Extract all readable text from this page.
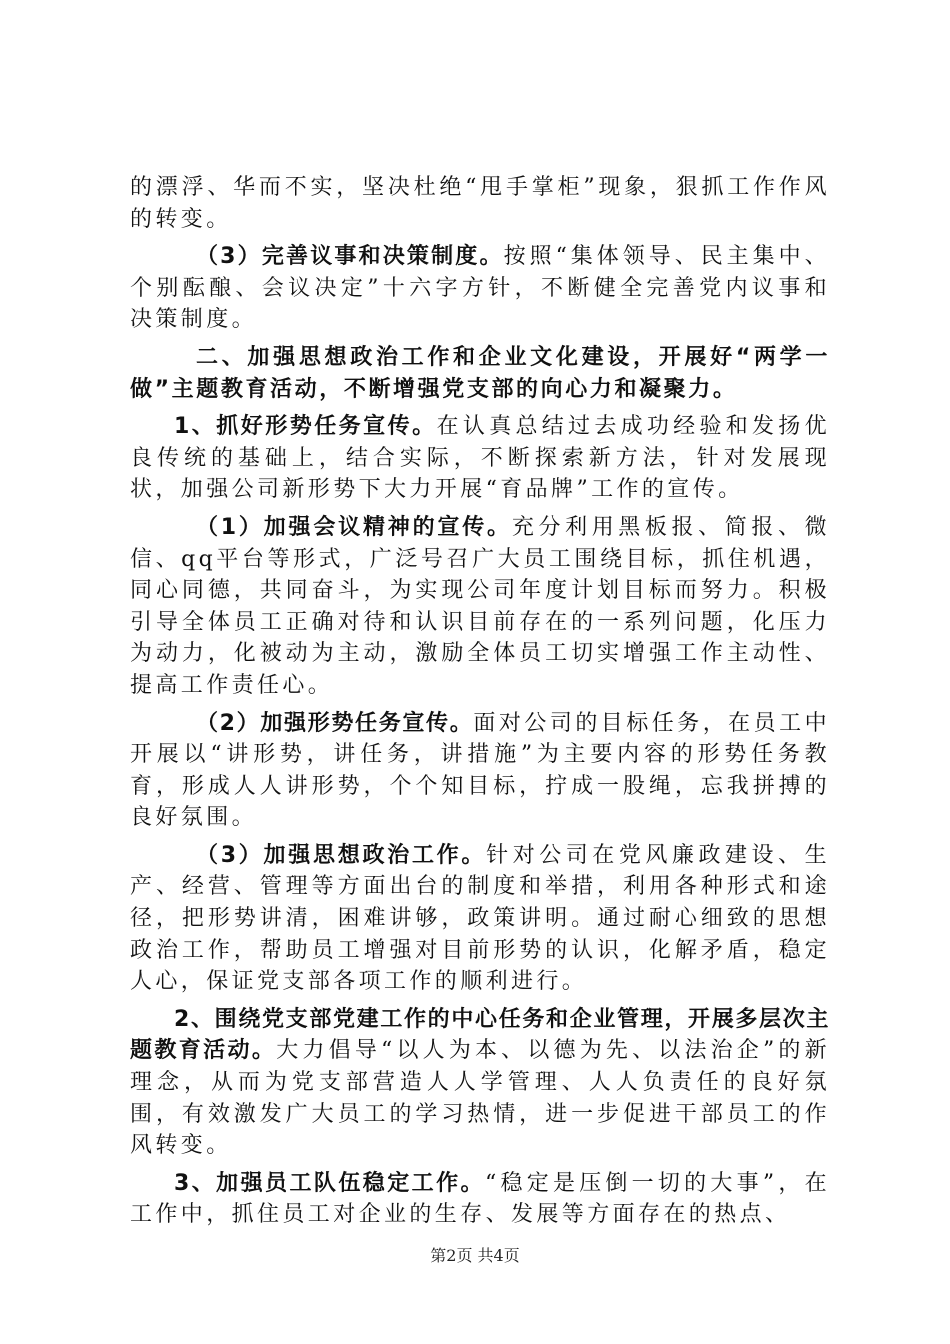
的漂浮、华而不实，坚决杜绝“甩手掌柜”现象，狠抓工作作风的转变。

（3）完善议事和决策制度。按照“集体领导、民主集中、个别酝酿、会议决定”十六字方针，不断健全完善党内议事和决策制度。

二、加强思想政治工作和企业文化建设，开展好“两学一做”主题教育活动，不断增强党支部的向心力和凝聚力。

1、抓好形势任务宣传。在认真总结过去成功经验和发扬优良传统的基础上，结合实际，不断探索新方法，针对发展现状，加强公司新形势下大力开展“育品牌”工作的宣传。

（1）加强会议精神的宣传。充分利用黑板报、简报、微信、qq平台等形式，广泛号召广大员工围绕目标，抓住机遇，同心同德，共同奋斗，为实现公司年度计划目标而努力。积极引导全体员工正确对待和认识目前存在的一系列问题，化压力为动力，化被动为主动，激励全体员工切实增强工作主动性、提高工作责任心。

（2）加强形势任务宣传。面对公司的目标任务，在员工中开展以“讲形势，讲任务，讲措施”为主要内容的形势任务教育，形成人人讲形势，个个知目标，拧成一股绳，忘我拼搏的良好氛围。

（3）加强思想政治工作。针对公司在党风廉政建设、生产、经营、管理等方面出台的制度和举措，利用各种形式和途径，把形势讲清，困难讲够，政策讲明。通过耐心细致的思想政治工作，帮助员工增强对目前形势的认识，化解矛盾，稳定人心，保证党支部各项工作的顺利进行。

2、围绕党支部党建工作的中心任务和企业管理，开展多层次主题教育活动。大力倡导“以人为本、以德为先、以法治企”的新理念，从而为党支部营造人人学管理、人人负责任的良好氛围，有效激发广大员工的学习热情，进一步促进干部员工的作风转变。

3、加强员工队伍稳定工作。“稳定是压倒一切的大事”，在工作中，抓住员工对企业的生存、发展等方面存在的热点、

第2页 共4页
